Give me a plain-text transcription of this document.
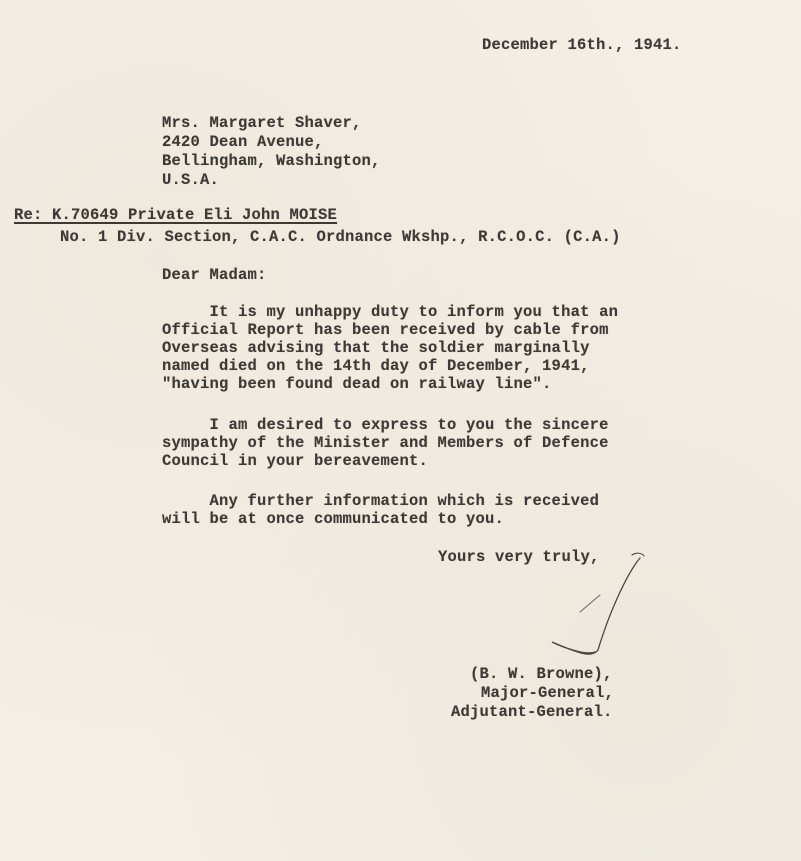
December 16th., 1941.
Mrs. Margaret Shaver,
2420 Dean Avenue,
Bellingham, Washington,
U.S.A.
Re: K.70649 Private Eli John MOISE
No. 1 Div. Section, C.A.C. Ordnance Wkshp., R.C.O.C. (C.A.)
Dear Madam:
It is my unhappy duty to inform you that an
Official Report has been received by cable from
Overseas advising that the soldier marginally
named died on the 14th day of December, 1941,
"having been found dead on railway line".
I am desired to express to you the sincere
sympathy of the Minister and Members of Defence
Council in your bereavement.
Any further information which is received
will be at once communicated to you.
Yours very truly,
(B. W. Browne),
Major-General,
Adjutant-General.
